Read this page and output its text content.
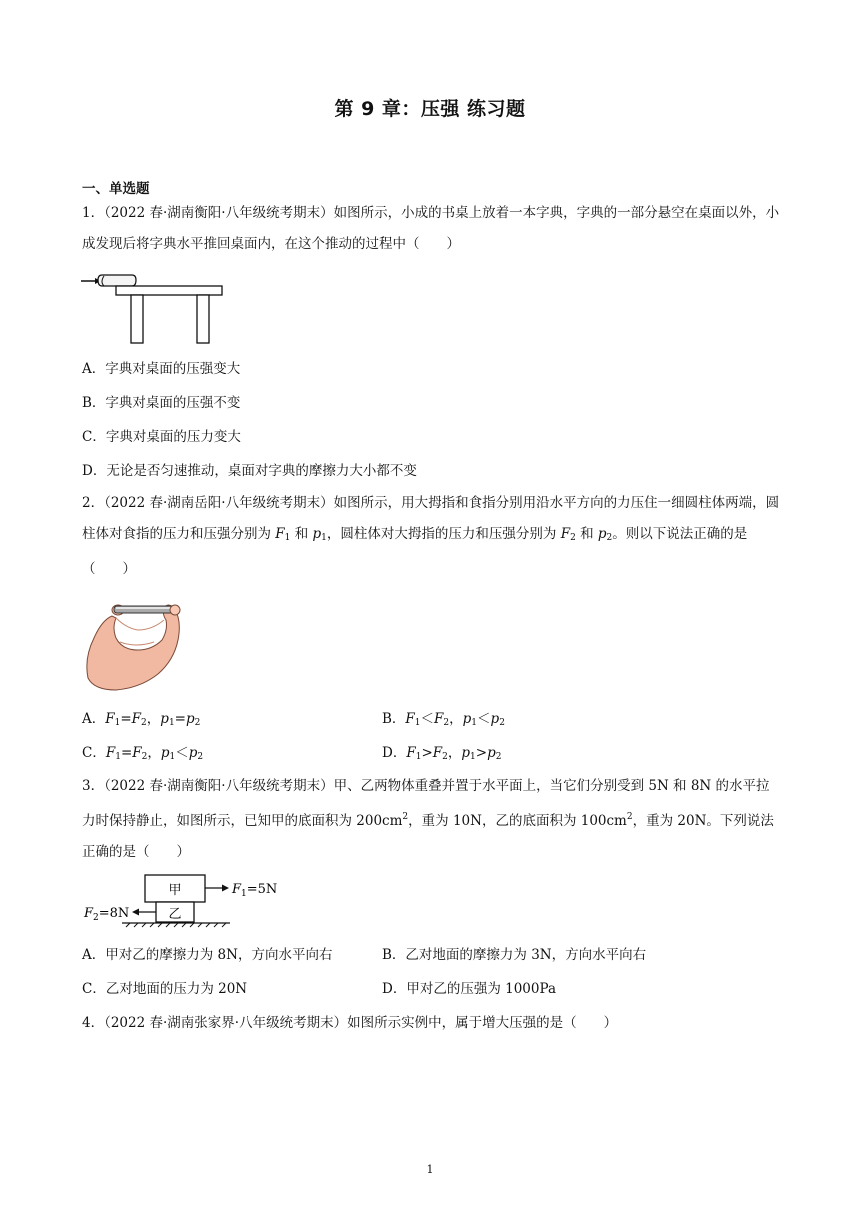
第 9 章：压强 练习题
一、单选题
1．（2022 春·湖南衡阳·八年级统考期末）如图所示，小成的书桌上放着一本字典，字典的一部分悬空在桌面以外，小成发现后将字典水平推回桌面内，在这个推动的过程中（　　）
A．字典对桌面的压强变大
B．字典对桌面的压强不变
C．字典对桌面的压力变大
D．无论是否匀速推动，桌面对字典的摩擦力大小都不变
2．（2022 春·湖南岳阳·八年级统考期末）如图所示，用大拇指和食指分别用沿水平方向的力压住一细圆柱体两端，圆柱体对食指的压力和压强分别为 $F_1$ 和 $p_1$，圆柱体对大拇指的压力和压强分别为 $F_2$ 和 $p_2$。则以下说法正确的是（　　）
A．$F_1=F_2$，$p_1=p_2$	B．$F_1<F_2$，$p_1<p_2$
C．$F_1=F_2$，$p_1<p_2$	D．$F_1>F_2$，$p_1>p_2$
3．（2022 春·湖南衡阳·八年级统考期末）甲、乙两物体重叠并置于水平面上，当它们分别受到 5N 和 8N 的水平拉力时保持静止，如图所示，已知甲的底面积为 $200cm^2$，重为 10N，乙的底面积为 $100cm^2$，重为 20N。下列说法正确的是（　　）
甲	$F_1=5N$
乙
$F_2=8N$
A．甲对乙的摩擦力为 8N，方向水平向右	B．乙对地面的摩擦力为 3N，方向水平向右
C．乙对地面的压力为 20N	D．甲对乙的压强为 1000Pa
4．（2022 春·湖南张家界·八年级统考期末）如图所示实例中，属于增大压强的是（　　）
1
